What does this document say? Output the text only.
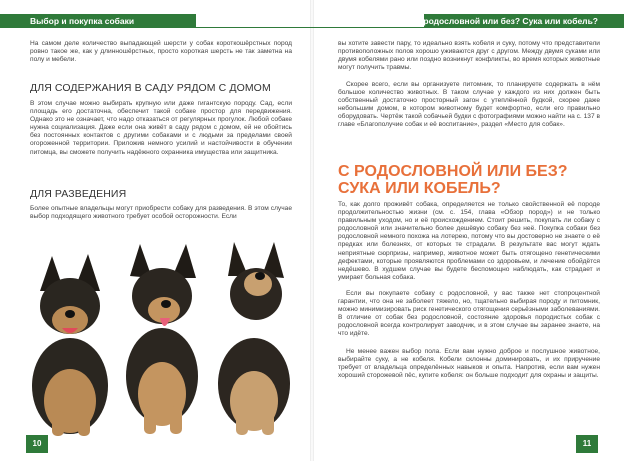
Выбор и покупка собаки

На самом деле количество выпадающей шерсти у собак короткошёрстных пород ровно такое же, как у длинношёрстных, просто короткая шерсть не так заметна на полу и мебели.

ДЛЯ СОДЕРЖАНИЯ В САДУ РЯДОМ С ДОМОМ

В этом случае можно выбирать крупную или даже гигантскую породу. Сад, если площадь его достаточна, обеспечит такой собаке простор для передвижения. Однако это не означает, что надо отказаться от регулярных прогулок. Любой собаке нужна социализация. Даже если она живёт в саду рядом с домом, ей не обойтись без постоянных контактов с другими собаками и с людьми за пределами своей огороженной территории. Приложив немного усилий и настойчивости в обучении питомца, вы сможете получить надёжного охранника имущества или защитника.

ДЛЯ РАЗВЕДЕНИЯ

Более опытные владельцы могут приобрести собаку для разведения. В этом случае выбор подходящего животного требует особой осторожности. Если

10
С родословной или без? Сука или кобель?

вы хотите завести пару, то идеально взять кобеля и суку, потому что представители противоположных полов хорошо уживаются друг с другом. Между двумя суками или двумя кобелями рано или поздно возникнут конфликты, во время которых животные могут получить травмы.

Скорее всего, если вы организуете питомник, то планируете содержать в нём большое количество животных. В таком случае у каждого из них должен быть собственный достаточно просторный загон с утеплённой будкой, скорее даже небольшим домом, в котором животному будет комфортно, если его правильно оборудовать. Чертёж такой собачьей будки с фотографиями можно найти на с. 137 в главе «Благополучие собак и её воспитание», раздел «Место для собак».

С РОДОСЛОВНОЙ ИЛИ БЕЗ? СУКА ИЛИ КОБЕЛЬ?

То, как долго проживёт собака, определяется не только свойственной её породе продолжительностью жизни (см. с. 154, глава «Обзор пород») и не только правильным уходом, но и её происхождением. Стоит решить, покупать ли собаку с родословной или значительно более дешёвую собаку без неё. Покупка собаки без родословной немного похожа на лотерею, потому что вы достоверно не знаете о её предках или болезнях, от которых те страдали. В результате вас могут ждать неприятные сюрпризы, например, животное может быть отягощено генетическими дефектами, которые проявляются проблемами со здоровьем, и лечение обойдётся недёшево. В худшем случае вы будете беспомощно наблюдать, как страдает и умирает больная собака.

Если вы покупаете собаку с родословной, у вас также нет стопроцентной гарантии, что она не заболеет тяжело, но, тщательно выбирая породу и питомник, можно минимизировать риск генетического отягощения серьёзными заболеваниями. В отличие от собак без родословной, состояние здоровья породистых собак с родословной всегда контролирует заводчик, и в этом случае вы заранее знаете, на что идёте.

Не менее важен выбор пола. Если вам нужно доброе и послушное животное, выбирайте суку, а не кобеля. Кобели склонны доминировать, и их приручение требует от владельца определённых навыков и опыта. Напротив, если вам нужен хороший сторожевой пёс, купите кобеля: он больше подходит для охраны и защиты.

11
